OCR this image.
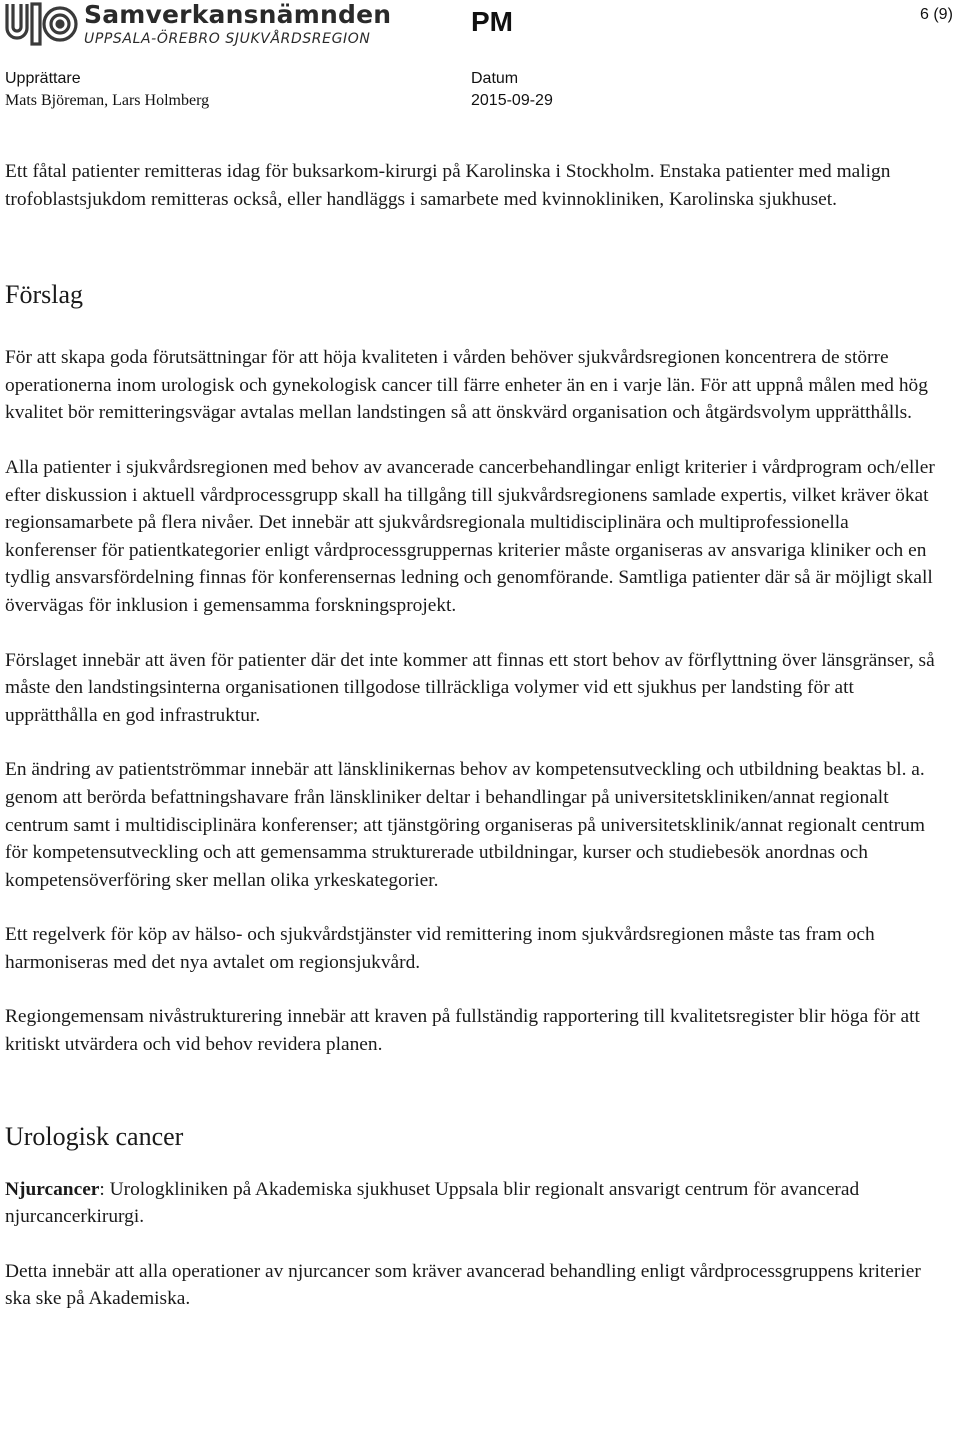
Samverkansnämnden
UPPSALA-ÖREBRO SJUKVÅRDSREGION
PM	6 (9)
Upprättare
Mats Björeman, Lars Holmberg
Datum
2015-09-29

Ett fåtal patienter remitteras idag för buksarkom-kirurgi på Karolinska i Stockholm. Enstaka patienter med malign trofoblastsjukdom remitteras också, eller handläggs i samarbete med kvinnokliniken, Karolinska sjukhuset.

Förslag

För att skapa goda förutsättningar för att höja kvaliteten i vården behöver sjukvårdsregionen koncentrera de större operationerna inom urologisk och gynekologisk cancer till färre enheter än en i varje län. För att uppnå målen med hög kvalitet bör remitteringsvägar avtalas mellan landstingen så att önskvärd organisation och åtgärdsvolym upprätthålls.

Alla patienter i sjukvårdsregionen med behov av avancerade cancerbehandlingar enligt kriterier i vårdprogram och/eller efter diskussion i aktuell vårdprocessgrupp skall ha tillgång till sjukvårdsregionens samlade expertis, vilket kräver ökat regionsamarbete på flera nivåer. Det innebär att sjukvårdsregionala multidisciplinära och multiprofessionella konferenser för patientkategorier enligt vårdprocessgruppernas kriterier måste organiseras av ansvariga kliniker och en tydlig ansvarsfördelning finnas för konferensernas ledning och genomförande. Samtliga patienter där så är möjligt skall övervägas för inklusion i gemensamma forskningsprojekt.

Förslaget innebär att även för patienter där det inte kommer att finnas ett stort behov av förflyttning över länsgränser, så måste den landstingsinterna organisationen tillgodose tillräckliga volymer vid ett sjukhus per landsting för att upprätthålla en god infrastruktur.

En ändring av patientströmmar innebär att länsklinikernas behov av kompetensutveckling och utbildning beaktas bl. a. genom att berörda befattningshavare från länskliniker deltar i behandlingar på universitetskliniken/annat regionalt centrum samt i multidisciplinära konferenser; att tjänstgöring organiseras på universitetsklinik/annat regionalt centrum för kompetensutveckling och att gemensamma strukturerade utbildningar, kurser och studiebesök anordnas och kompetensöverföring sker mellan olika yrkeskategorier.

Ett regelverk för köp av hälso- och sjukvårdstjänster vid remittering inom sjukvårdsregionen måste tas fram och harmoniseras med det nya avtalet om regionsjukvård.

Regiongemensam nivåstrukturering innebär att kraven på fullständig rapportering till kvalitetsregister blir höga för att kritiskt utvärdera och vid behov revidera planen.

Urologisk cancer

Njurcancer: Urologkliniken på Akademiska sjukhuset Uppsala blir regionalt ansvarigt centrum för avancerad njurcancerkirurgi.

Detta innebär att alla operationer av njurcancer som kräver avancerad behandling enligt vårdprocessgruppens kriterier ska ske på Akademiska.
